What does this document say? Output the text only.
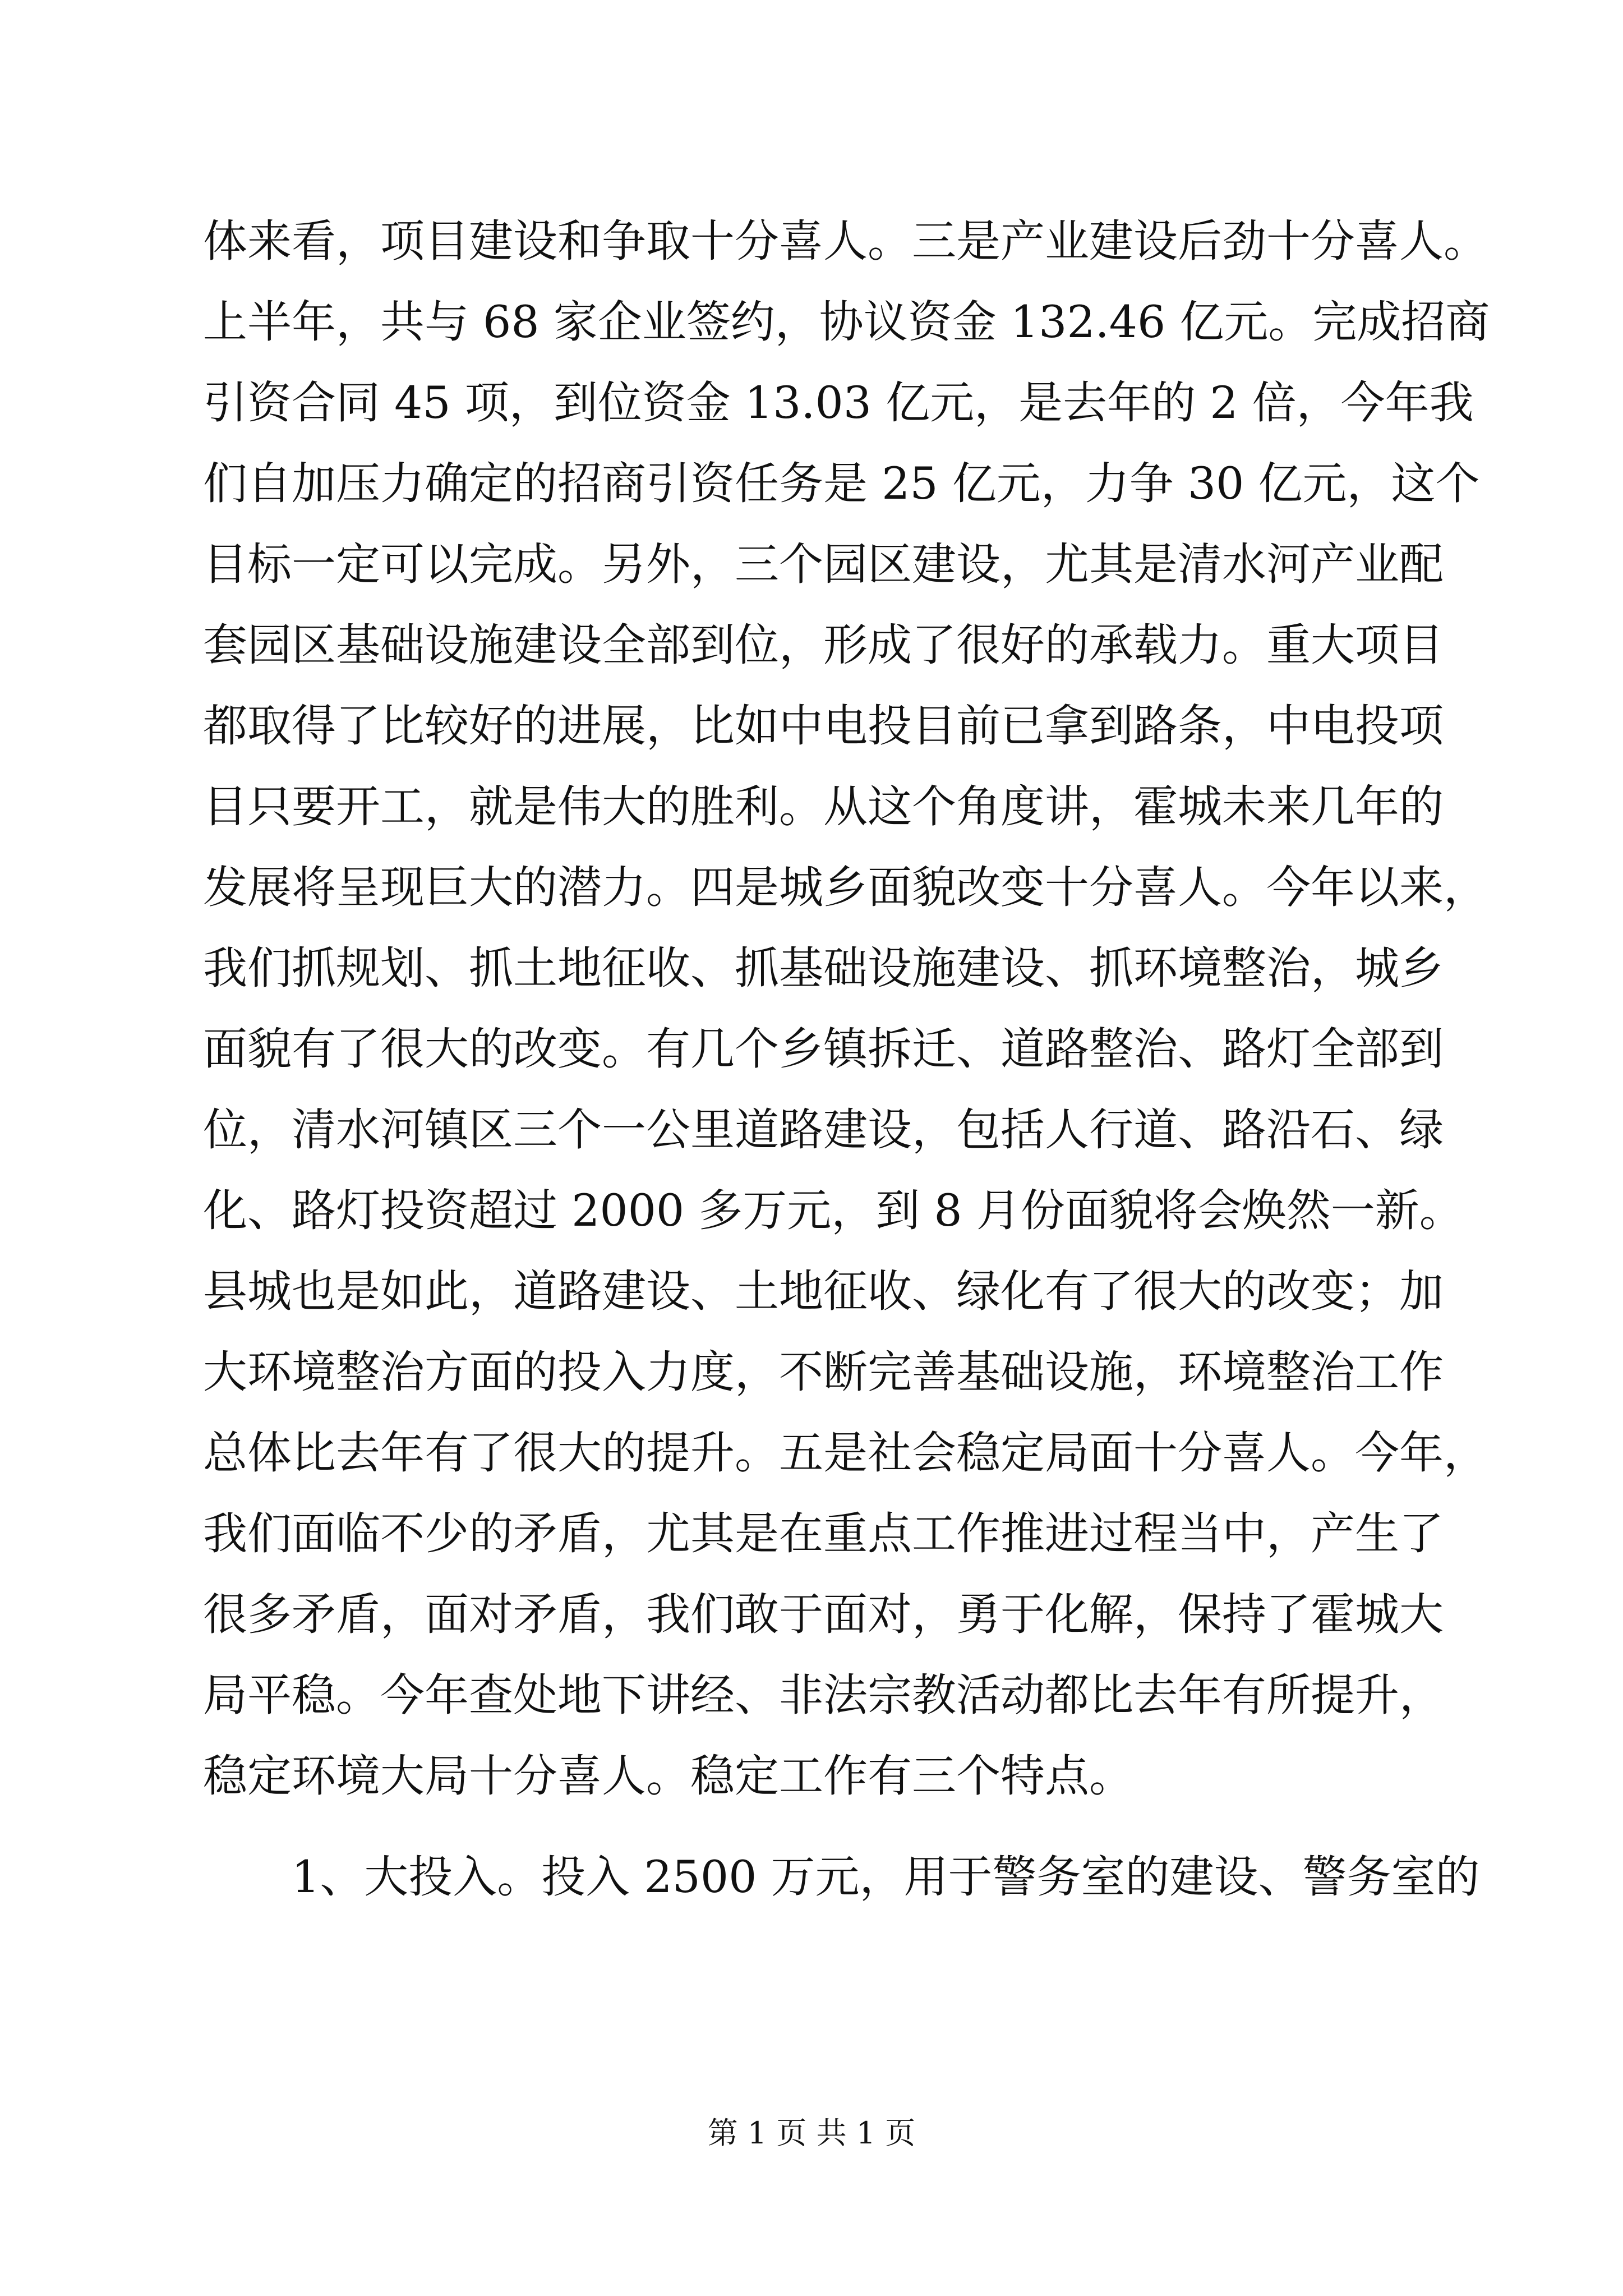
体来看，项目建设和争取十分喜人。三是产业建设后劲十分喜人。
上半年，共与 68 家企业签约，协议资金 132.46 亿元。完成招商
引资合同 45 项，到位资金 13.03 亿元，是去年的 2 倍，今年我
们自加压力确定的招商引资任务是 25 亿元，力争 30 亿元，这个
目标一定可以完成。另外，三个园区建设，尤其是清水河产业配
套园区基础设施建设全部到位，形成了很好的承载力。重大项目
都取得了比较好的进展，比如中电投目前已拿到路条，中电投项
目只要开工，就是伟大的胜利。从这个角度讲，霍城未来几年的
发展将呈现巨大的潜力。四是城乡面貌改变十分喜人。今年以来，
我们抓规划、抓土地征收、抓基础设施建设、抓环境整治，城乡
面貌有了很大的改变。有几个乡镇拆迁、道路整治、路灯全部到
位，清水河镇区三个一公里道路建设，包括人行道、路沿石、绿
化、路灯投资超过 2000 多万元，到 8 月份面貌将会焕然一新。
县城也是如此，道路建设、土地征收、绿化有了很大的改变；加
大环境整治方面的投入力度，不断完善基础设施，环境整治工作
总体比去年有了很大的提升。五是社会稳定局面十分喜人。今年，
我们面临不少的矛盾，尤其是在重点工作推进过程当中，产生了
很多矛盾，面对矛盾，我们敢于面对，勇于化解，保持了霍城大
局平稳。今年查处地下讲经、非法宗教活动都比去年有所提升，
稳定环境大局十分喜人。稳定工作有三个特点。
1、大投入。投入 2500 万元，用于警务室的建设、警务室的
第 1 页 共 1 页
